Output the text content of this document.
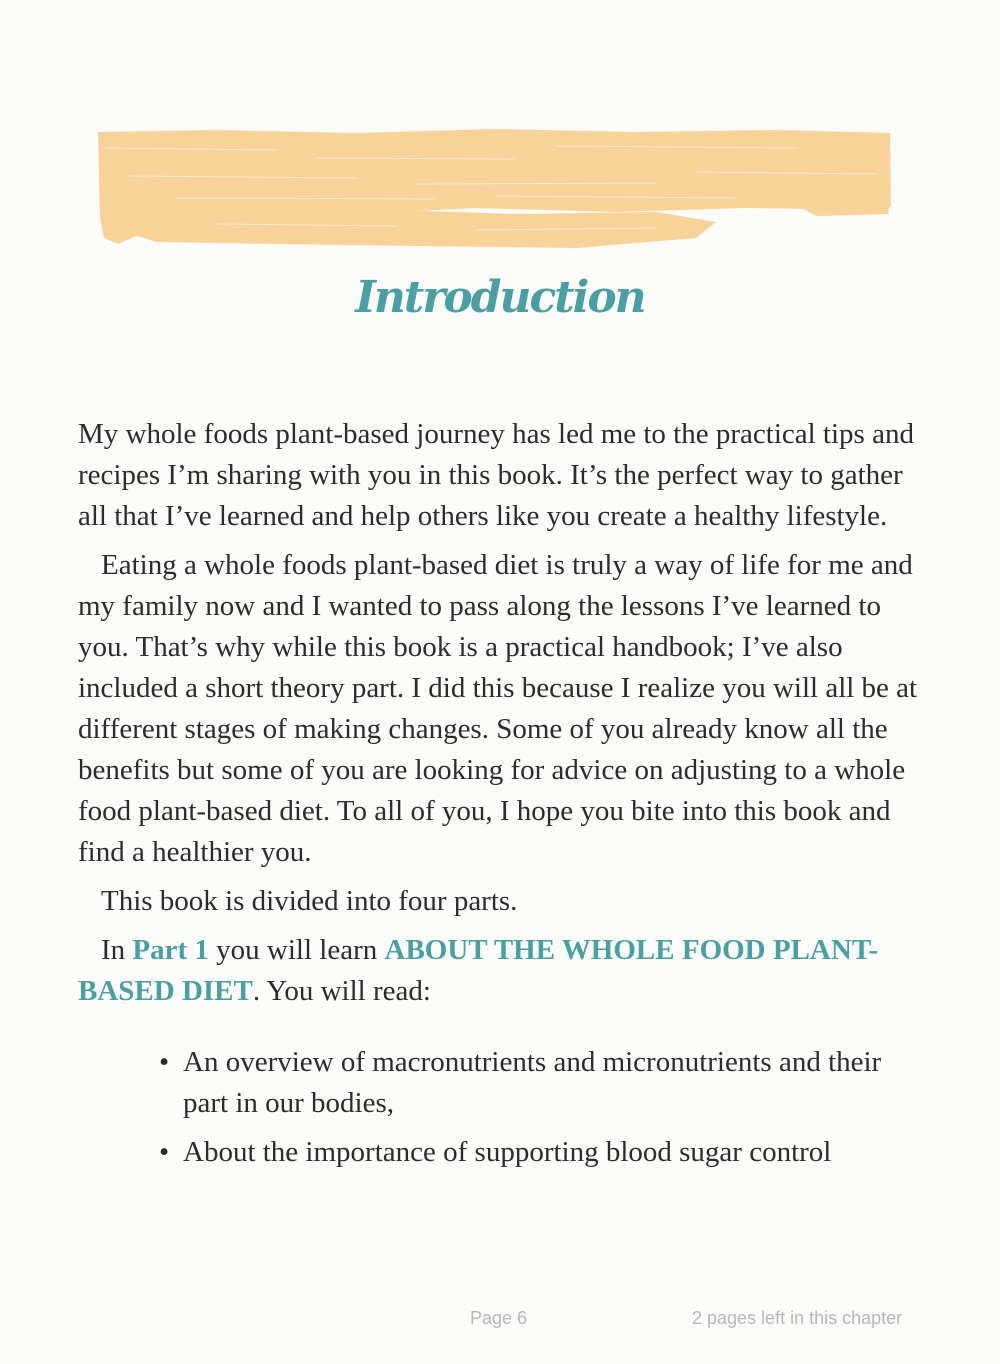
Introduction

My whole foods plant-based journey has led me to the practical tips and recipes I’m sharing with you in this book. It’s the perfect way to gather all that I’ve learned and help others like you create a healthy lifestyle.

Eating a whole foods plant-based diet is truly a way of life for me and my family now and I wanted to pass along the lessons I’ve learned to you. That’s why while this book is a practical handbook; I’ve also included a short theory part. I did this because I realize you will all be at different stages of making changes. Some of you already know all the benefits but some of you are looking for advice on adjusting to a whole food plant-based diet. To all of you, I hope you bite into this book and find a healthier you.

This book is divided into four parts.

In Part 1 you will learn ABOUT THE WHOLE FOOD PLANT-BASED DIET. You will read:

• An overview of macronutrients and micronutrients and their part in our bodies,
• About the importance of supporting blood sugar control
Page 6	2 pages left in this chapter
